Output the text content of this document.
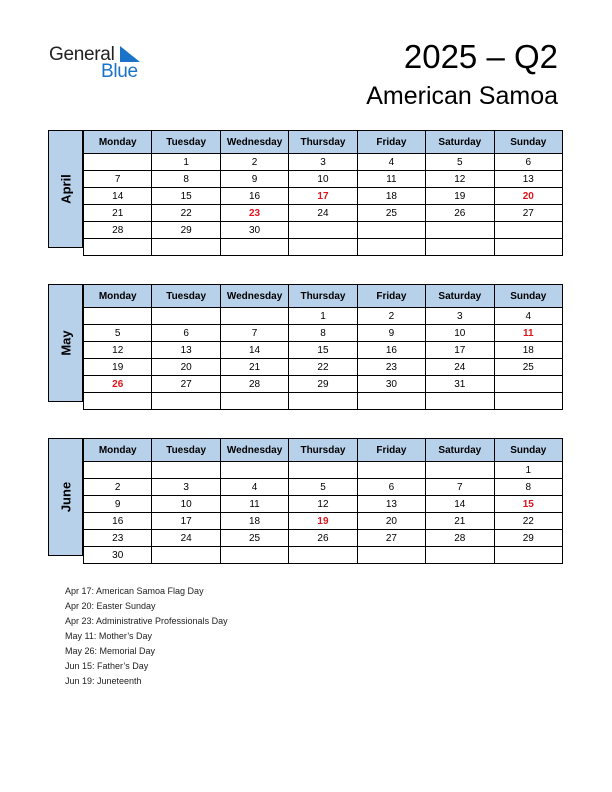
General
Blue	2025 – Q2
American Samoa
April
Monday	Tuesday	Wednesday	Thursday	Friday	Saturday	Sunday
	1	2	3	4	5	6
7	8	9	10	11	12	13
14	15	16	17	18	19	20
21	22	23	24	25	26	27
28	29	30				

May
Monday	Tuesday	Wednesday	Thursday	Friday	Saturday	Sunday
			1	2	3	4
5	6	7	8	9	10	11
12	13	14	15	16	17	18
19	20	21	22	23	24	25
26	27	28	29	30	31	

June
Monday	Tuesday	Wednesday	Thursday	Friday	Saturday	Sunday
						1
2	3	4	5	6	7	8
9	10	11	12	13	14	15
16	17	18	19	20	21	22
23	24	25	26	27	28	29
30						
Apr 17: American Samoa Flag Day
Apr 20: Easter Sunday
Apr 23: Administrative Professionals Day
May 11: Mother’s Day
May 26: Memorial Day
Jun 15: Father’s Day
Jun 19: Juneteenth
